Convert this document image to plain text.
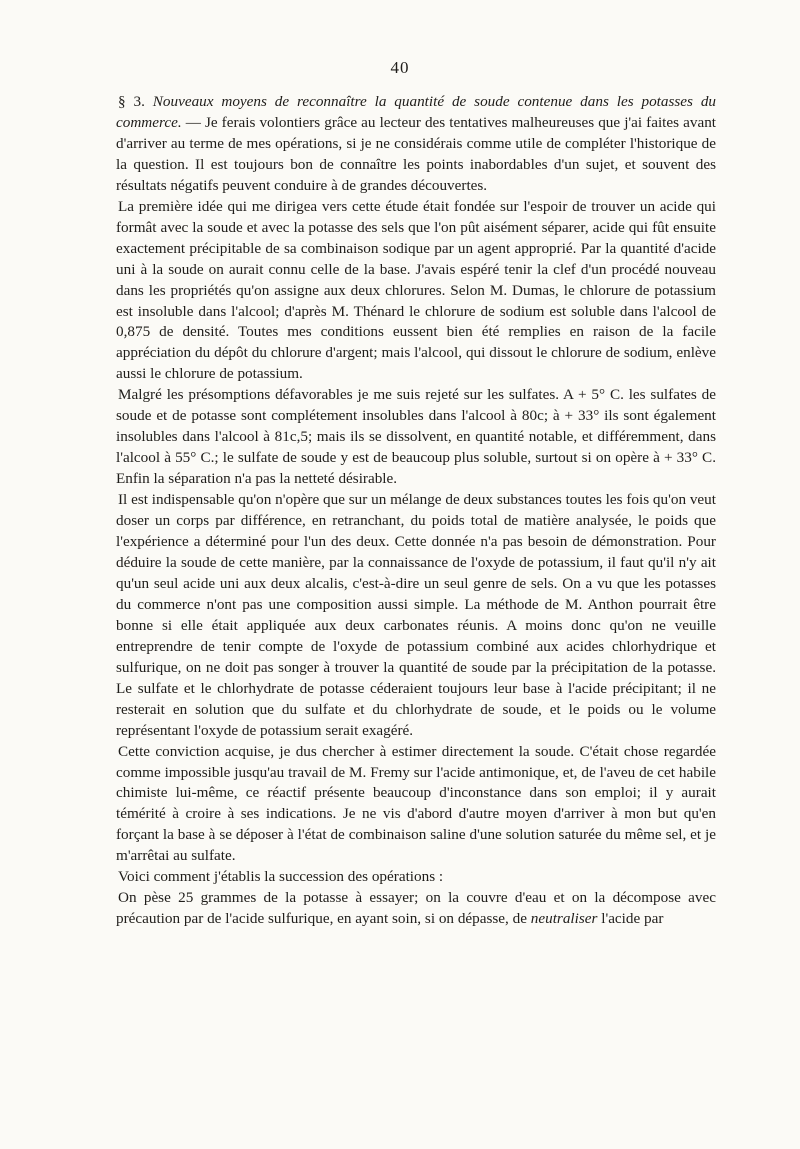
40

§ 3. Nouveaux moyens de reconnaître la quantité de soude contenue dans les potasses du commerce. — Je ferais volontiers grâce au lecteur des tentatives malheureuses que j'ai faites avant d'arriver au terme de mes opérations, si je ne considérais comme utile de compléter l'historique de la question. Il est toujours bon de connaître les points inabordables d'un sujet, et souvent des résultats négatifs peuvent conduire à de grandes découvertes.

La première idée qui me dirigea vers cette étude était fondée sur l'espoir de trouver un acide qui formât avec la soude et avec la potasse des sels que l'on pût aisément séparer, acide qui fût ensuite exactement précipitable de sa combinaison sodique par un agent approprié. Par la quantité d'acide uni à la soude on aurait connu celle de la base. J'avais espéré tenir la clef d'un procédé nouveau dans les propriétés qu'on assigne aux deux chlorures. Selon M. Dumas, le chlorure de potassium est insoluble dans l'alcool; d'après M. Thénard le chlorure de sodium est soluble dans l'alcool de 0,875 de densité. Toutes mes conditions eussent bien été remplies en raison de la facile appréciation du dépôt du chlorure d'argent; mais l'alcool, qui dissout le chlorure de sodium, enlève aussi le chlorure de potassium.

Malgré les présomptions défavorables je me suis rejeté sur les sulfates. A + 5° C. les sulfates de soude et de potasse sont complétement insolubles dans l'alcool à 80c; à + 33° ils sont également insolubles dans l'alcool à 81c,5; mais ils se dissolvent, en quantité notable, et différemment, dans l'alcool à 55° C.; le sulfate de soude y est de beaucoup plus soluble, surtout si on opère à + 33° C. Enfin la séparation n'a pas la netteté désirable.

Il est indispensable qu'on n'opère que sur un mélange de deux substances toutes les fois qu'on veut doser un corps par différence, en retranchant, du poids total de matière analysée, le poids que l'expérience a déterminé pour l'un des deux. Cette donnée n'a pas besoin de démonstration. Pour déduire la soude de cette manière, par la connaissance de l'oxyde de potassium, il faut qu'il n'y ait qu'un seul acide uni aux deux alcalis, c'est-à-dire un seul genre de sels. On a vu que les potasses du commerce n'ont pas une composition aussi simple. La méthode de M. Anthon pourrait être bonne si elle était appliquée aux deux carbonates réunis. A moins donc qu'on ne veuille entreprendre de tenir compte de l'oxyde de potassium combiné aux acides chlorhydrique et sulfurique, on ne doit pas songer à trouver la quantité de soude par la précipitation de la potasse. Le sulfate et le chlorhydrate de potasse céderaient toujours leur base à l'acide précipitant; il ne resterait en solution que du sulfate et du chlorhydrate de soude, et le poids ou le volume représentant l'oxyde de potassium serait exagéré.

Cette conviction acquise, je dus chercher à estimer directement la soude. C'était chose regardée comme impossible jusqu'au travail de M. Fremy sur l'acide antimonique, et, de l'aveu de cet habile chimiste lui-même, ce réactif présente beaucoup d'inconstance dans son emploi; il y aurait témérité à croire à ses indications. Je ne vis d'abord d'autre moyen d'arriver à mon but qu'en forçant la base à se déposer à l'état de combinaison saline d'une solution saturée du même sel, et je m'arrêtai au sulfate.

Voici comment j'établis la succession des opérations :

On pèse 25 grammes de la potasse à essayer; on la couvre d'eau et on la décompose avec précaution par de l'acide sulfurique, en ayant soin, si on dépasse, de neutraliser l'acide par
